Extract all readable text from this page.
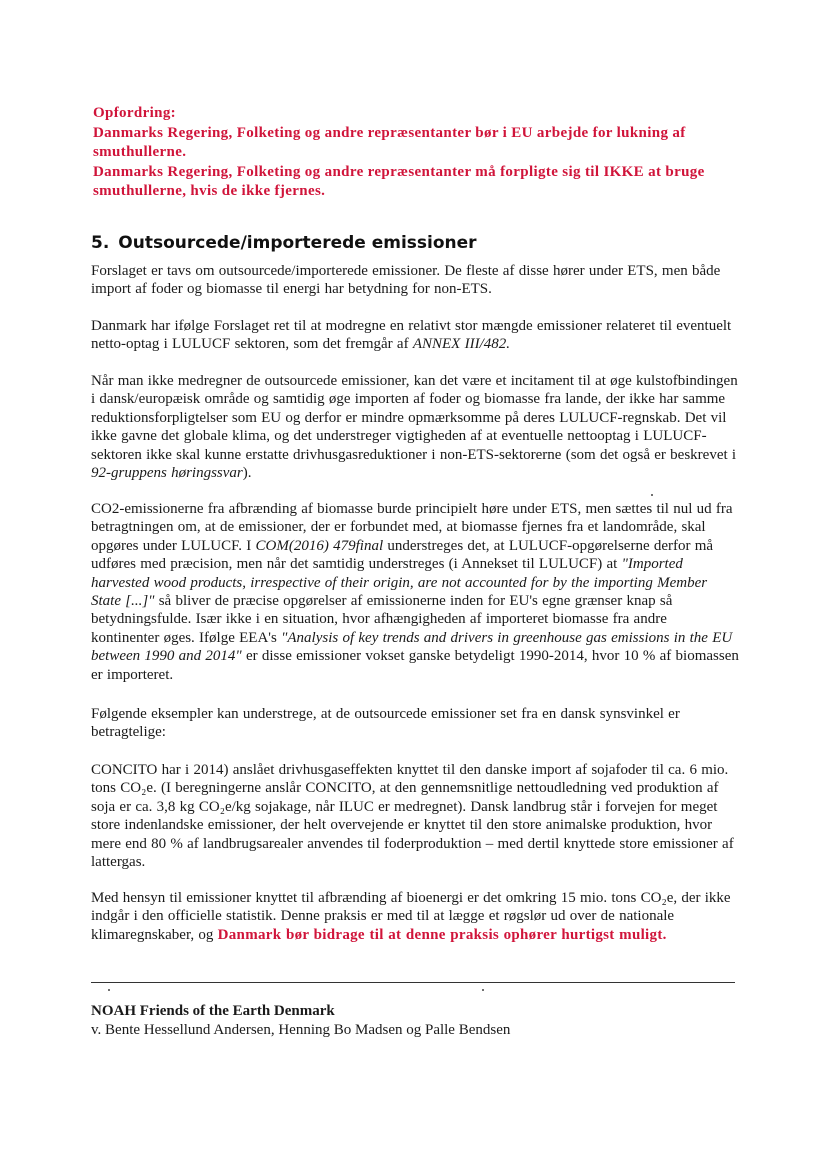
Opfordring:
Danmarks Regering, Folketing og andre repræsentanter bør i EU arbejde for lukning af smuthullerne.
Danmarks Regering, Folketing og andre repræsentanter må forpligte sig til IKKE at bruge smuthullerne, hvis de ikke fjernes.
5. Outsourcede/importerede emissioner

Forslaget er tavs om outsourcede/importerede emissioner. De fleste af disse hører under ETS, men både import af foder og biomasse til energi har betydning for non-ETS.

Danmark har ifølge Forslaget ret til at modregne en relativt stor mængde emissioner relateret til eventuelt netto-optag i LULUCF sektoren, som det fremgår af ANNEX III/482.

Når man ikke medregner de outsourcede emissioner, kan det være et incitament til at øge kulstofbindingen i dansk/europæisk område og samtidig øge importen af foder og biomasse fra lande, der ikke har samme reduktionsforpligtelser som EU og derfor er mindre opmærksomme på deres LULUCF-regnskab. Det vil ikke gavne det globale klima, og det understreger vigtigheden af at eventuelle nettooptag i LULUCF-sektoren ikke skal kunne erstatte drivhusgasreduktioner i non-ETS-sektorerne (som det også er beskrevet i 92-gruppens høringssvar).

CO2-emissionerne fra afbrænding af biomasse burde principielt høre under ETS, men sættes til nul ud fra betragtningen om, at de emissioner, der er forbundet med, at biomasse fjernes fra et landområde, skal opgøres under LULUCF. I COM(2016) 479final understreges det, at LULUCF-opgørelserne derfor må udføres med præcision, men når det samtidig understreges (i Annekset til LULUCF) at "Imported harvested wood products, irrespective of their origin, are not accounted for by the importing Member State [...]" så bliver de præcise opgørelser af emissionerne inden for EU's egne grænser knap så betydningsfulde. Især ikke i en situation, hvor afhængigheden af importeret biomasse fra andre kontinenter øges. Ifølge EEA's "Analysis of key trends and drivers in greenhouse gas emissions in the EU between 1990 and 2014" er disse emissioner vokset ganske betydeligt 1990-2014, hvor 10 % af biomassen er importeret.

Følgende eksempler kan understrege, at de outsourcede emissioner set fra en dansk synsvinkel er betragtelige:

CONCITO har i 2014) anslået drivhusgaseffekten knyttet til den danske import af sojafoder til ca. 6 mio. tons CO₂e. (I beregningerne anslår CONCITO, at den gennemsnitlige nettoudledning ved produktion af soja er ca. 3,8 kg CO₂e/kg sojakage, når ILUC er medregnet). Dansk landbrug står i forvejen for meget store indenlandske emissioner, der helt overvejende er knyttet til den store animalske produktion, hvor mere end 80 % af landbrugsarealer anvendes til foderproduktion – med dertil knyttede store emissioner af lattergas.

Med hensyn til emissioner knyttet til afbrænding af bioenergi er det omkring 15 mio. tons CO₂e, der ikke indgår i den officielle statistik. Denne praksis er med til at lægge et røgslør ud over de nationale klimaregnskaber, og Danmark bør bidrage til at denne praksis ophører hurtigst muligt.

NOAH Friends of the Earth Denmark
v. Bente Hessellund Andersen, Henning Bo Madsen og Palle Bendsen
